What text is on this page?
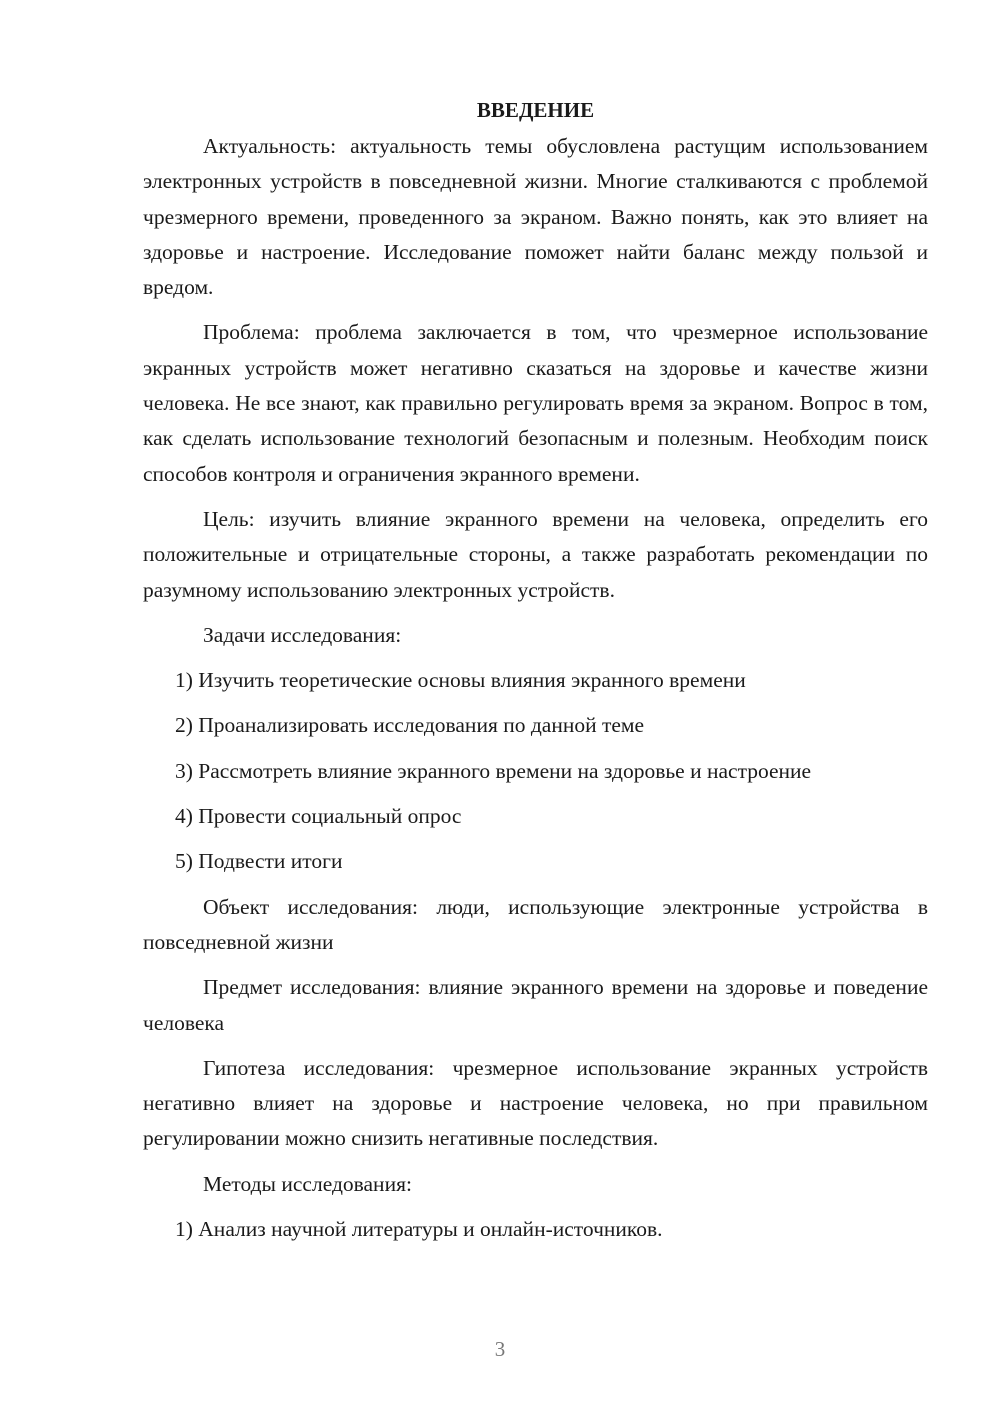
ВВЕДЕНИЕ

Актуальность: актуальность темы обусловлена растущим использованием электронных устройств в повседневной жизни. Многие сталкиваются с проблемой чрезмерного времени, проведенного за экраном. Важно понять, как это влияет на здоровье и настроение. Исследование поможет найти баланс между пользой и вредом.

Проблема: проблема заключается в том, что чрезмерное использование экранных устройств может негативно сказаться на здоровье и качестве жизни человека. Не все знают, как правильно регулировать время за экраном. Вопрос в том, как сделать использование технологий безопасным и полезным. Необходим поиск способов контроля и ограничения экранного времени.

Цель: изучить влияние экранного времени на человека, определить его положительные и отрицательные стороны, а также разработать рекомендации по разумному использованию электронных устройств.

Задачи исследования:
1) Изучить теоретические основы влияния экранного времени
2) Проанализировать исследования по данной теме
3) Рассмотреть влияние экранного времени на здоровье и настроение
4) Провести социальный опрос
5) Подвести итоги

Объект исследования: люди, использующие электронные устройства в повседневной жизни

Предмет исследования: влияние экранного времени на здоровье и поведение человека

Гипотеза исследования: чрезмерное использование экранных устройств негативно влияет на здоровье и настроение человека, но при правильном регулировании можно снизить негативные последствия.

Методы исследования:
1) Анализ научной литературы и онлайн-источников.
3
